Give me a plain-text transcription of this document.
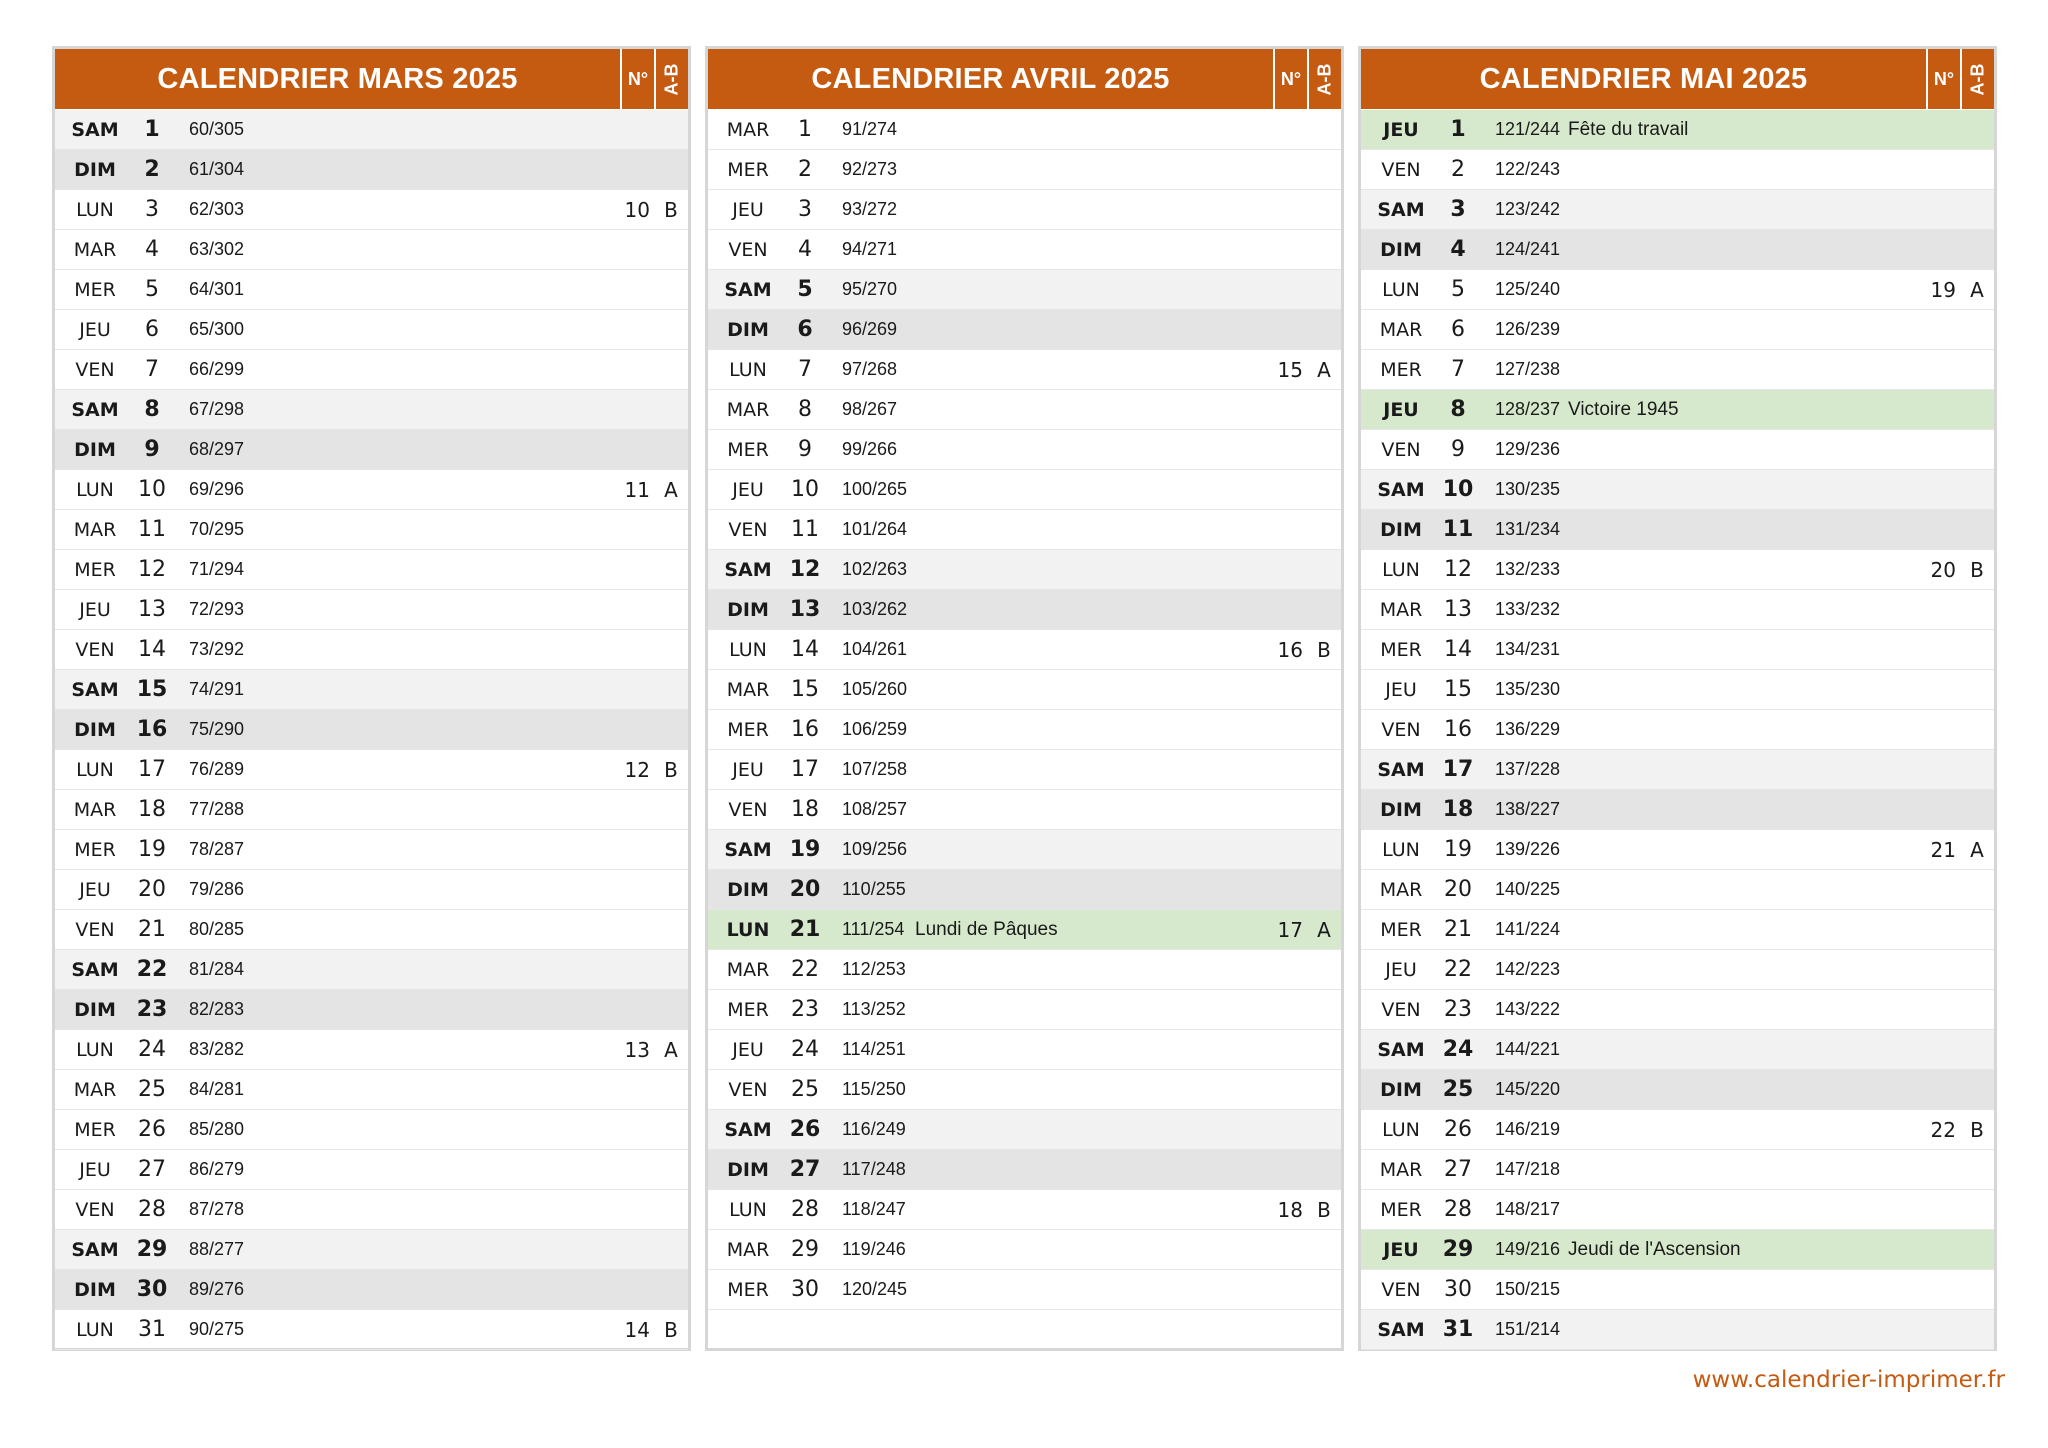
CALENDRIER MARS 2025	N° A-B
SAM	1	60/305
DIM	2	61/304
LUN	3	62/303	10 B
MAR	4	63/302
MER	5	64/301
JEU	6	65/300
VEN	7	66/299
SAM	8	67/298
DIM	9	68/297
LUN	10	69/296	11 A
MAR 11	70/295
MER	12	71/294
JEU	13	72/293
VEN	14	73/292
SAM 15	74/291
DIM 16	75/290
LUN	17	76/289	12 B
MAR 18	77/288
MER	19	78/287
JEU	20	79/286
VEN	21	80/285
SAM 22	81/284
DIM 23	82/283
LUN	24	83/282	13 A
MAR 25	84/281
MER	26	85/280
JEU	27	86/279
VEN	28	87/278
SAM 29	88/277
DIM 30	89/276
LUN	31	90/275	14 B
CALENDRIER AVRIL 2025	N° A-B
MAR	1	91/274
MER	2	92/273
JEU	3	93/272
VEN	4	94/271
SAM	5	95/270
DIM	6	96/269
LUN	7	97/268	15 A
MAR	8	98/267
MER	9	99/266
JEU	10	100/265
VEN	11	101/264
SAM 12	102/263
DIM 13	103/262
LUN	14	104/261	16 B
MAR 15	105/260
MER	16	106/259
JEU	17	107/258
VEN	18	108/257
SAM 19	109/256
DIM 20	110/255
LUN 21	111/254 Lundi de Pâques	17 A
MAR 22	112/253
MER	23	113/252
JEU	24	114/251
VEN	25	115/250
SAM 26	116/249
DIM 27	117/248
LUN	28	118/247	18 B
MAR 29	119/246
MER	30	120/245
CALENDRIER MAI 2025	N° A-B
JEU	1	121/244 Fête du travail
VEN	2	122/243
SAM	3	123/242
DIM	4	124/241
LUN	5	125/240	19 A
MAR	6	126/239
MER	7	127/238
JEU	8	128/237 Victoire 1945
VEN	9	129/236
SAM 10	130/235
DIM 11	131/234
LUN	12	132/233	20 B
MAR 13	133/232
MER	14	134/231
JEU	15	135/230
VEN	16	136/229
SAM 17	137/228
DIM 18	138/227
LUN	19	139/226	21 A
MAR 20	140/225
MER	21	141/224
JEU	22	142/223
VEN	23	143/222
SAM 24	144/221
DIM 25	145/220
LUN	26	146/219	22 B
MAR 27	147/218
MER	28	148/217
JEU	29	149/216 Jeudi de l'Ascension
VEN	30	150/215
SAM 31	151/214
www.calendrier-imprimer.fr
